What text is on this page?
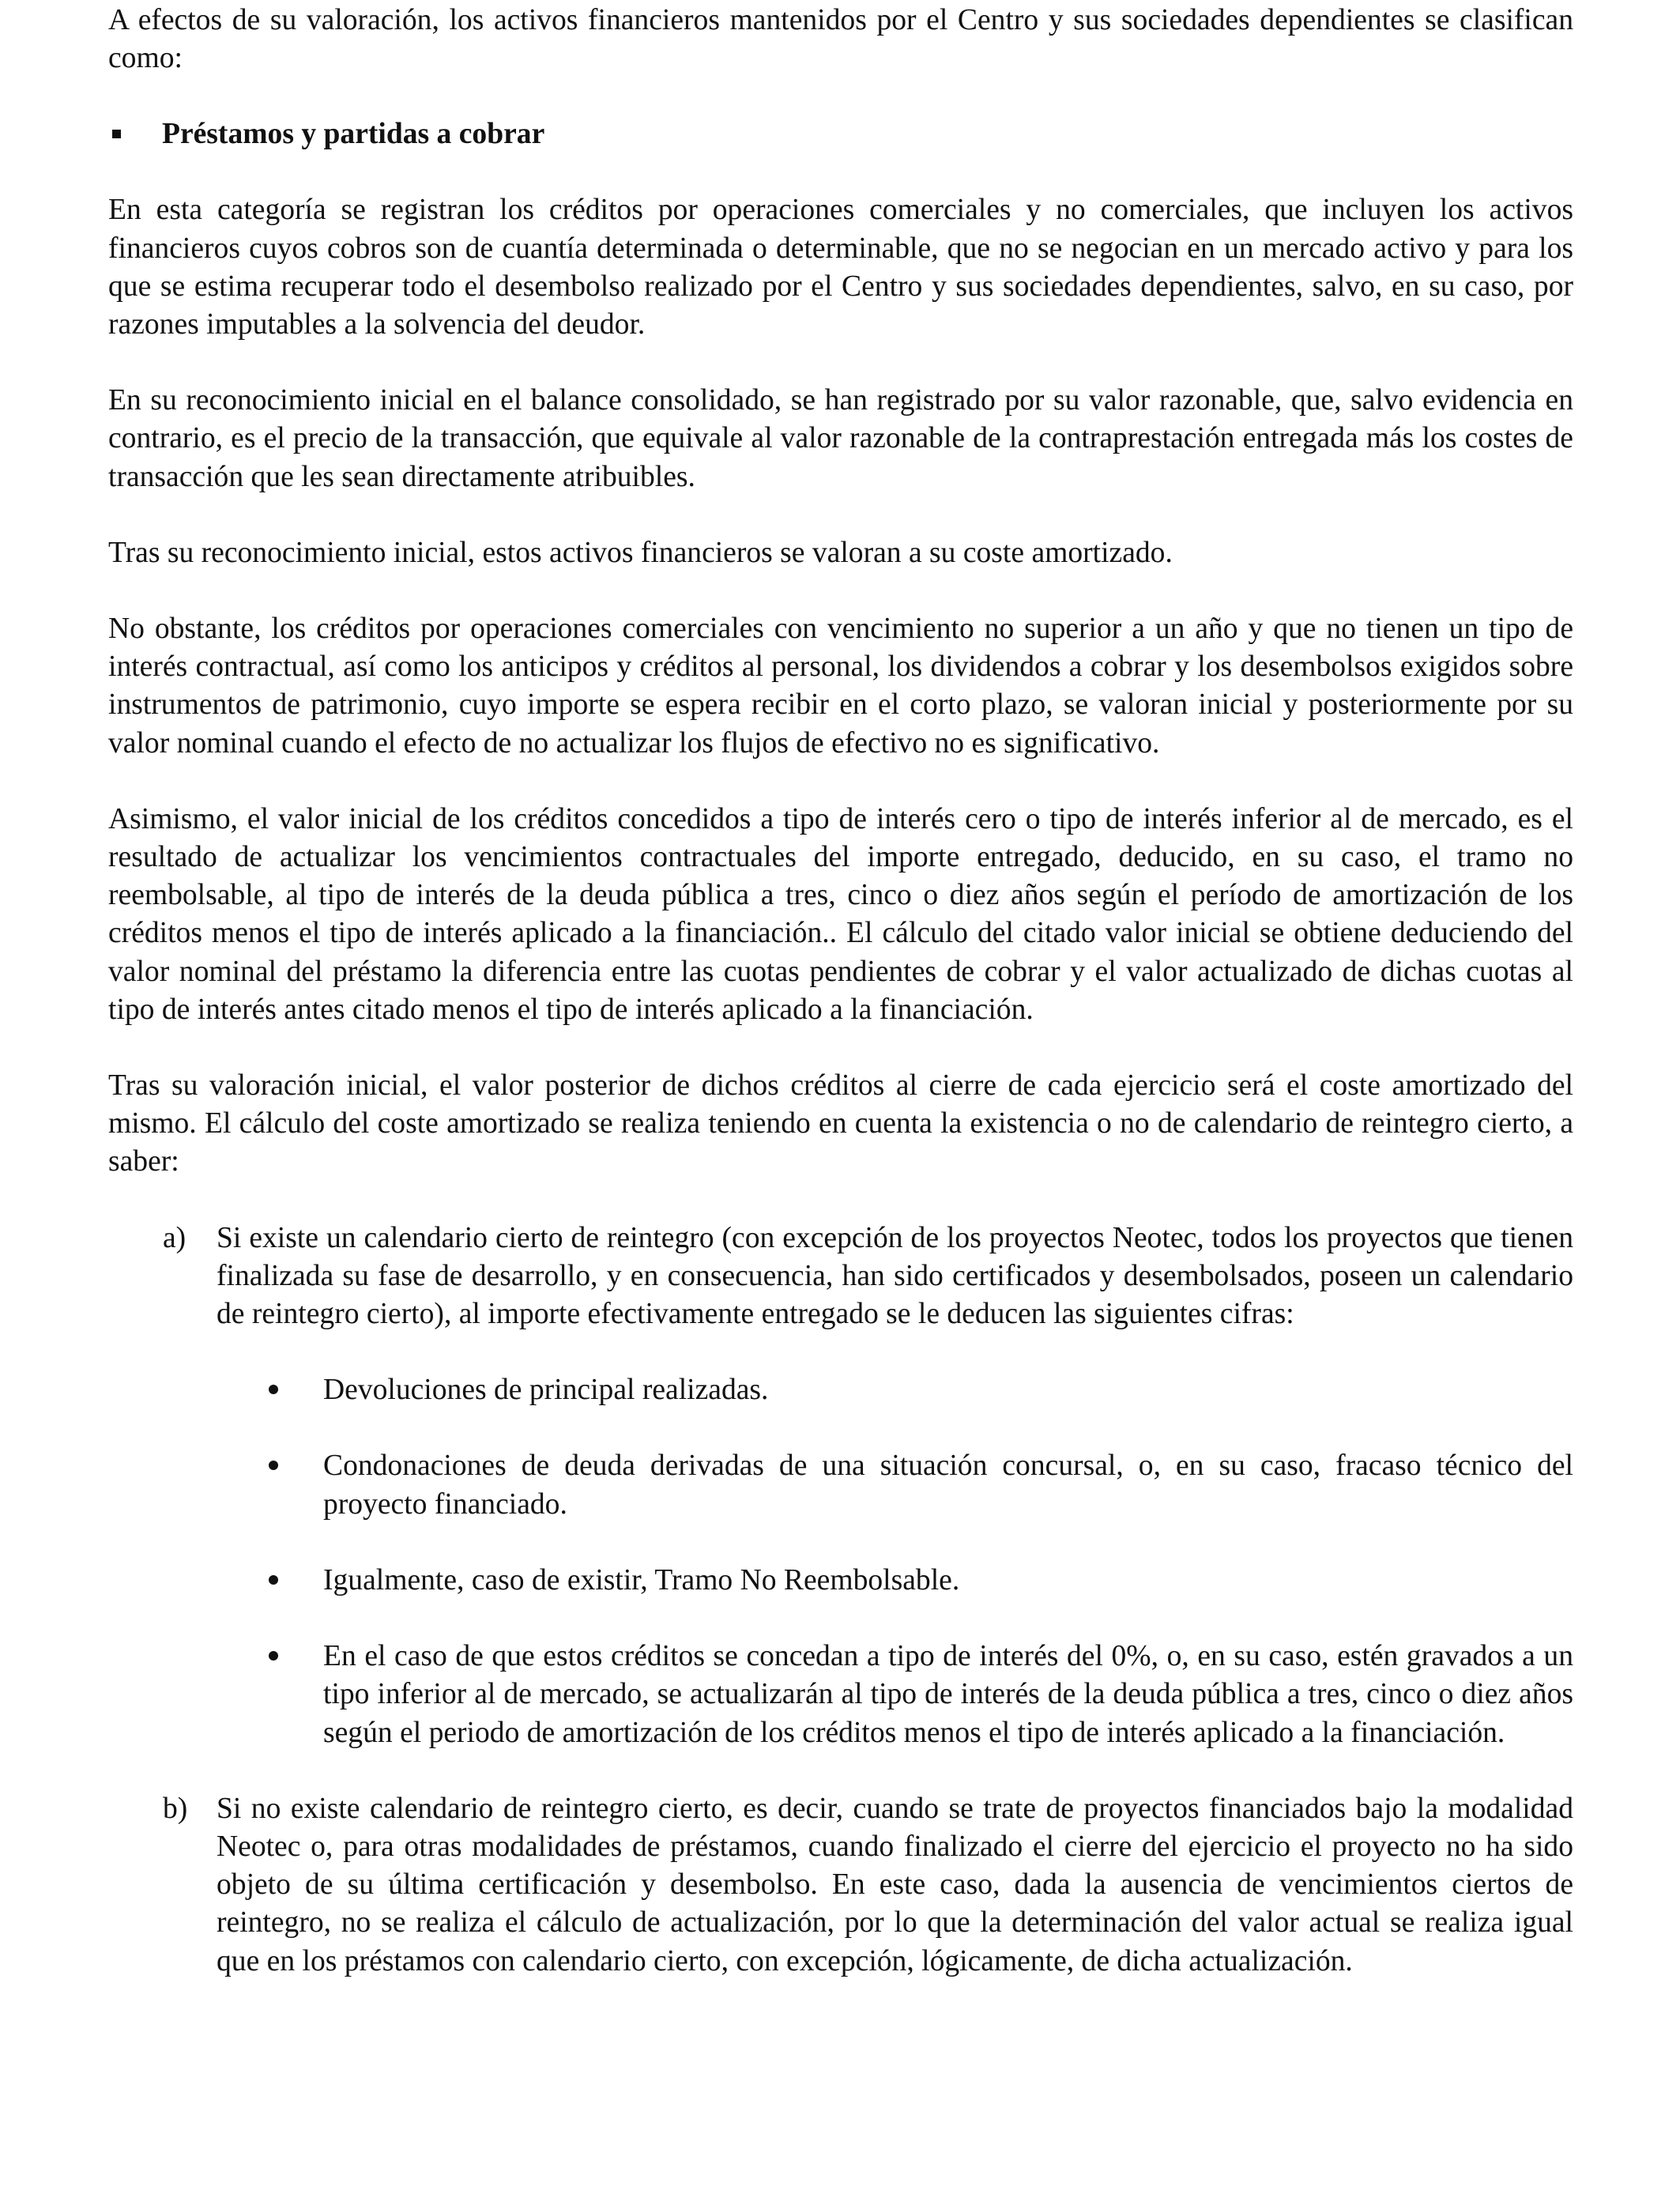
A efectos de su valoración, los activos financieros mantenidos por el Centro y sus sociedades dependientes se clasifican como:

Préstamos y partidas a cobrar

En esta categoría se registran los créditos por operaciones comerciales y no comerciales, que incluyen los activos financieros cuyos cobros son de cuantía determinada o determinable, que no se negocian en un mercado activo y para los que se estima recuperar todo el desembolso realizado por el Centro y sus sociedades dependientes, salvo, en su caso, por razones imputables a la solvencia del deudor.

En su reconocimiento inicial en el balance consolidado, se han registrado por su valor razonable, que, salvo evidencia en contrario, es el precio de la transacción, que equivale al valor razonable de la contraprestación entregada más los costes de transacción que les sean directamente atribuibles.

Tras su reconocimiento inicial, estos activos financieros se valoran a su coste amortizado.

No obstante, los créditos por operaciones comerciales con vencimiento no superior a un año y que no tienen un tipo de interés contractual, así como los anticipos y créditos al personal, los dividendos a cobrar y los desembolsos exigidos sobre instrumentos de patrimonio, cuyo importe se espera recibir en el corto plazo, se valoran inicial y posteriormente por su valor nominal cuando el efecto de no actualizar los flujos de efectivo no es significativo.

Asimismo, el valor inicial de los créditos concedidos a tipo de interés cero o tipo de interés inferior al de mercado, es el resultado de actualizar los vencimientos contractuales del importe entregado, deducido, en su caso, el tramo no reembolsable, al tipo de interés de la deuda pública a tres, cinco o diez años según el período de amortización de los créditos menos el tipo de interés aplicado a la financiación.. El cálculo del citado valor inicial se obtiene deduciendo del valor nominal del préstamo la diferencia entre las cuotas pendientes de cobrar y el valor actualizado de dichas cuotas al tipo de interés antes citado menos el tipo de interés aplicado a la financiación.

Tras su valoración inicial, el valor posterior de dichos créditos al cierre de cada ejercicio será el coste amortizado del mismo. El cálculo del coste amortizado se realiza teniendo en cuenta la existencia o no de calendario de reintegro cierto, a saber:

a) Si existe un calendario cierto de reintegro (con excepción de los proyectos Neotec, todos los proyectos que tienen finalizada su fase de desarrollo, y en consecuencia, han sido certificados y desembolsados, poseen un calendario de reintegro cierto), al importe efectivamente entregado se le deducen las siguientes cifras:

Devoluciones de principal realizadas.

Condonaciones de deuda derivadas de una situación concursal, o, en su caso, fracaso técnico del proyecto financiado.

Igualmente, caso de existir, Tramo No Reembolsable.

En el caso de que estos créditos se concedan a tipo de interés del 0%, o, en su caso, estén gravados a un tipo inferior al de mercado, se actualizarán al tipo de interés de la deuda pública a tres, cinco o diez años según el periodo de amortización de los créditos menos el tipo de interés aplicado a la financiación.

b) Si no existe calendario de reintegro cierto, es decir, cuando se trate de proyectos financiados bajo la modalidad Neotec o, para otras modalidades de préstamos, cuando finalizado el cierre del ejercicio el proyecto no ha sido objeto de su última certificación y desembolso. En este caso, dada la ausencia de vencimientos ciertos de reintegro, no se realiza el cálculo de actualización, por lo que la determinación del valor actual se realiza igual que en los préstamos con calendario cierto, con excepción, lógicamente, de dicha actualización.
